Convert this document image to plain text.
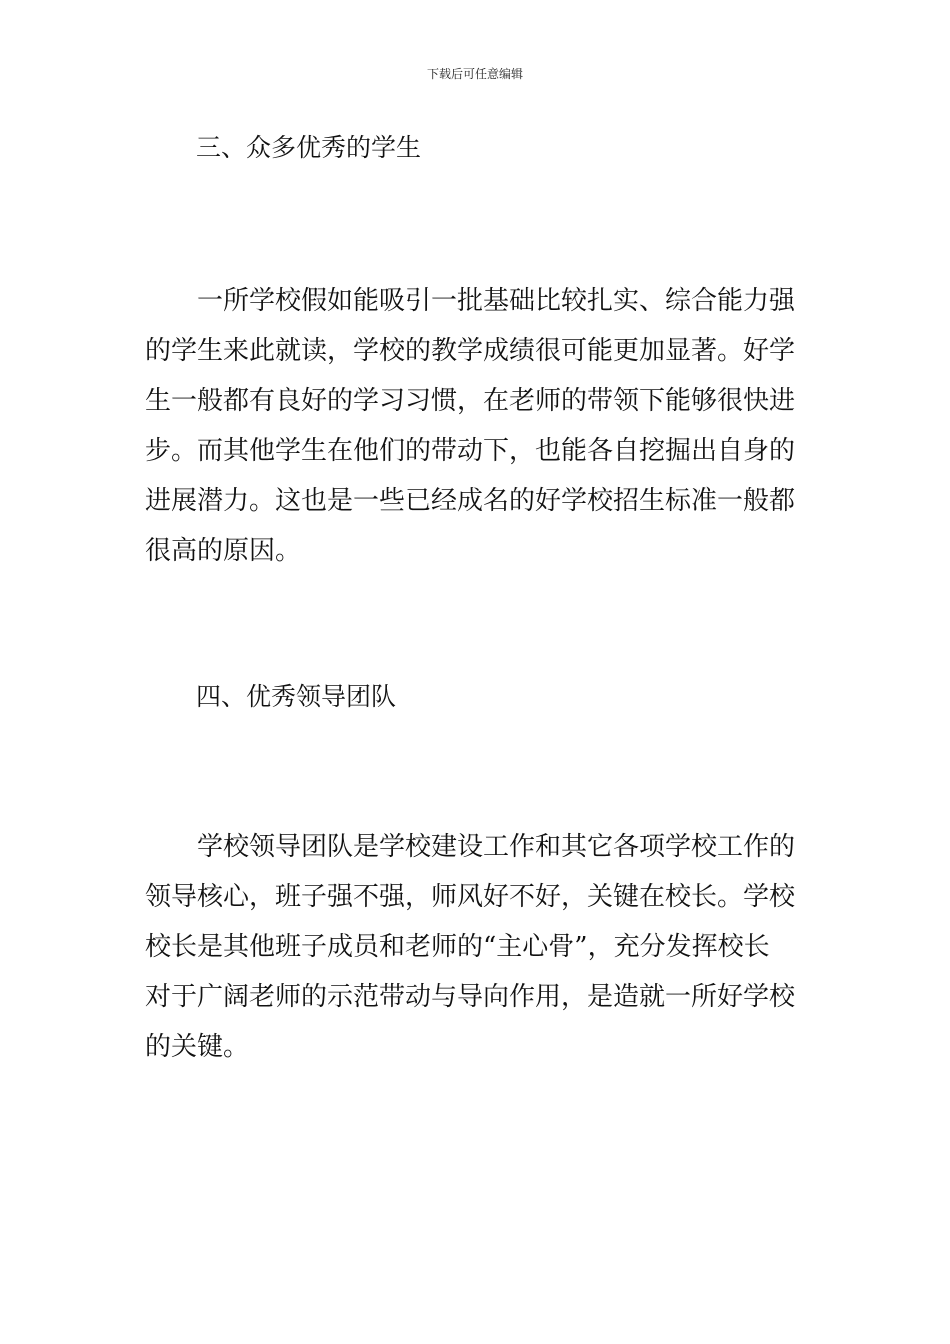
下载后可任意编辑
三、众多优秀的学生
一所学校假如能吸引一批基础比较扎实、综合能力强
的学生来此就读，学校的教学成绩很可能更加显著。好学
生一般都有良好的学习习惯，在老师的带领下能够很快进
步。而其他学生在他们的带动下，也能各自挖掘出自身的
进展潜力。这也是一些已经成名的好学校招生标准一般都
很高的原因。
四、优秀领导团队
学校领导团队是学校建设工作和其它各项学校工作的
领导核心，班子强不强，师风好不好，关键在校长。学校
校长是其他班子成员和老师的“主心骨”，充分发挥校长
对于广阔老师的示范带动与导向作用，是造就一所好学校
的关键。
